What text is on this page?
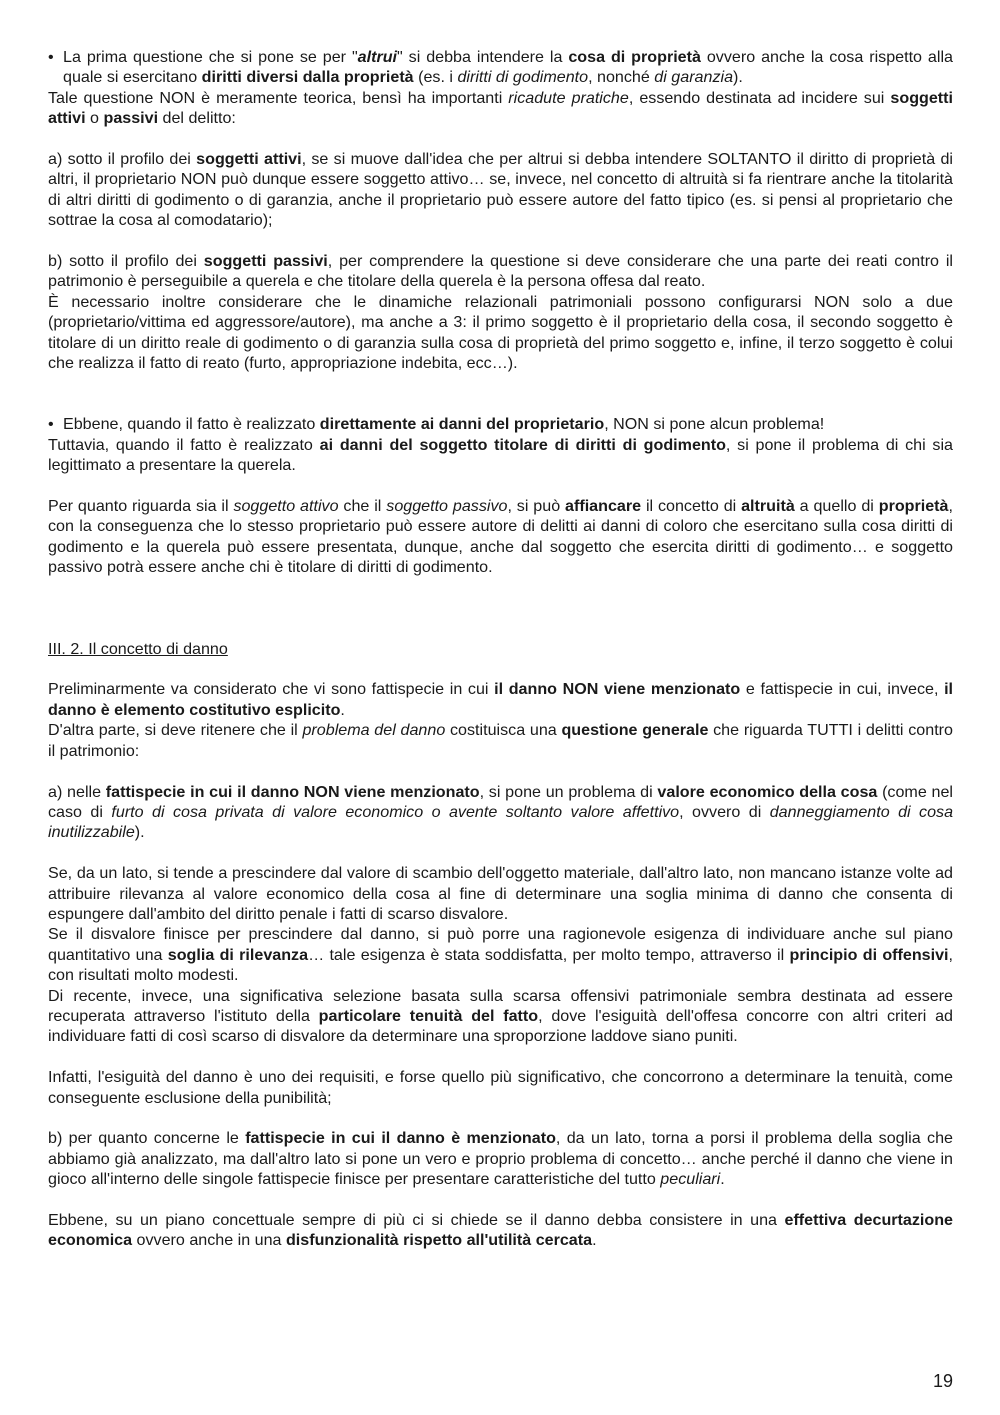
• La prima questione che si pone se per "altrui" si debba intendere la cosa di proprietà ovvero anche la cosa rispetto alla quale si esercitano diritti diversi dalla proprietà (es. i diritti di godimento, nonché di garanzia).

Tale questione NON è meramente teorica, bensì ha importanti ricadute pratiche, essendo destinata ad incidere sui soggetti attivi o passivi del delitto:

a) sotto il profilo dei soggetti attivi, se si muove dall'idea che per altrui si debba intendere SOLTANTO il diritto di proprietà di altri, il proprietario NON può dunque essere soggetto attivo… se, invece, nel concetto di altruità si fa rientrare anche la titolarità di altri diritti di godimento o di garanzia, anche il proprietario può essere autore del fatto tipico (es. si pensi al proprietario che sottrae la cosa al comodatario);

b) sotto il profilo dei soggetti passivi, per comprendere la questione si deve considerare che una parte dei reati contro il patrimonio è perseguibile a querela e che titolare della querela è la persona offesa dal reato.

È necessario inoltre considerare che le dinamiche relazionali patrimoniali possono configurarsi NON solo a due (proprietario/vittima ed aggressore/autore), ma anche a 3: il primo soggetto è il proprietario della cosa, il secondo soggetto è titolare di un diritto reale di godimento o di garanzia sulla cosa di proprietà del primo soggetto e, infine, il terzo soggetto è colui che realizza il fatto di reato (furto, appropriazione indebita, ecc…).

• Ebbene, quando il fatto è realizzato direttamente ai danni del proprietario, NON si pone alcun problema!

Tuttavia, quando il fatto è realizzato ai danni del soggetto titolare di diritti di godimento, si pone il problema di chi sia legittimato a presentare la querela.

Per quanto riguarda sia il soggetto attivo che il soggetto passivo, si può affiancare il concetto di altruità a quello di proprietà, con la conseguenza che lo stesso proprietario può essere autore di delitti ai danni di coloro che esercitano sulla cosa diritti di godimento e la querela può essere presentata, dunque, anche dal soggetto che esercita diritti di godimento… e soggetto passivo potrà essere anche chi è titolare di diritti di godimento.

III. 2. Il concetto di danno

Preliminarmente va considerato che vi sono fattispecie in cui il danno NON viene menzionato e fattispecie in cui, invece, il danno è elemento costitutivo esplicito.

D'altra parte, si deve ritenere che il problema del danno costituisca una questione generale che riguarda TUTTI i delitti contro il patrimonio:

a) nelle fattispecie in cui il danno NON viene menzionato, si pone un problema di valore economico della cosa (come nel caso di furto di cosa privata di valore economico o avente soltanto valore affettivo, ovvero di danneggiamento di cosa inutilizzabile).

Se, da un lato, si tende a prescindere dal valore di scambio dell'oggetto materiale, dall'altro lato, non mancano istanze volte ad attribuire rilevanza al valore economico della cosa al fine di determinare una soglia minima di danno che consenta di espungere dall'ambito del diritto penale i fatti di scarso disvalore.

Se il disvalore finisce per prescindere dal danno, si può porre una ragionevole esigenza di individuare anche sul piano quantitativo una soglia di rilevanza… tale esigenza è stata soddisfatta, per molto tempo, attraverso il principio di offensivi, con risultati molto modesti.

Di recente, invece, una significativa selezione basata sulla scarsa offensivi patrimoniale sembra destinata ad essere recuperata attraverso l'istituto della particolare tenuità del fatto, dove l'esiguità dell'offesa concorre con altri criteri ad individuare fatti di così scarso di disvalore da determinare una sproporzione laddove siano puniti.

Infatti, l'esiguità del danno è uno dei requisiti, e forse quello più significativo, che concorrono a determinare la tenuità, come conseguente esclusione della punibilità;

b) per quanto concerne le fattispecie in cui il danno è menzionato, da un lato, torna a porsi il problema della soglia che abbiamo già analizzato, ma dall'altro lato si pone un vero e proprio problema di concetto… anche perché il danno che viene in gioco all'interno delle singole fattispecie finisce per presentare caratteristiche del tutto peculiari.

Ebbene, su un piano concettuale sempre di più ci si chiede se il danno debba consistere in una effettiva decurtazione economica ovvero anche in una disfunzionalità rispetto all'utilità cercata.

19
